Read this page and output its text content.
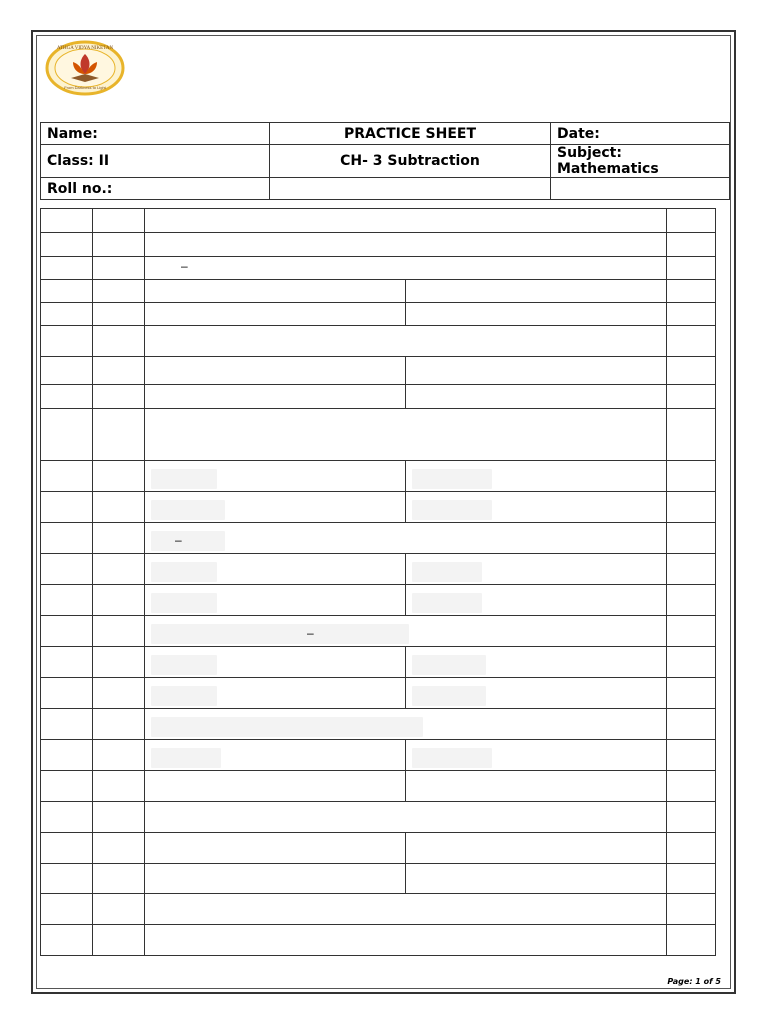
From Darkness to Light
ATHGA VIDYA NIKETAN
Name:	PRACTICE SHEET	Date:
Class: II	CH- 3 Subtraction	Subject: Mathematics
Roll no.:		

		–		

		–		

		–		

Page: 1 of 5
